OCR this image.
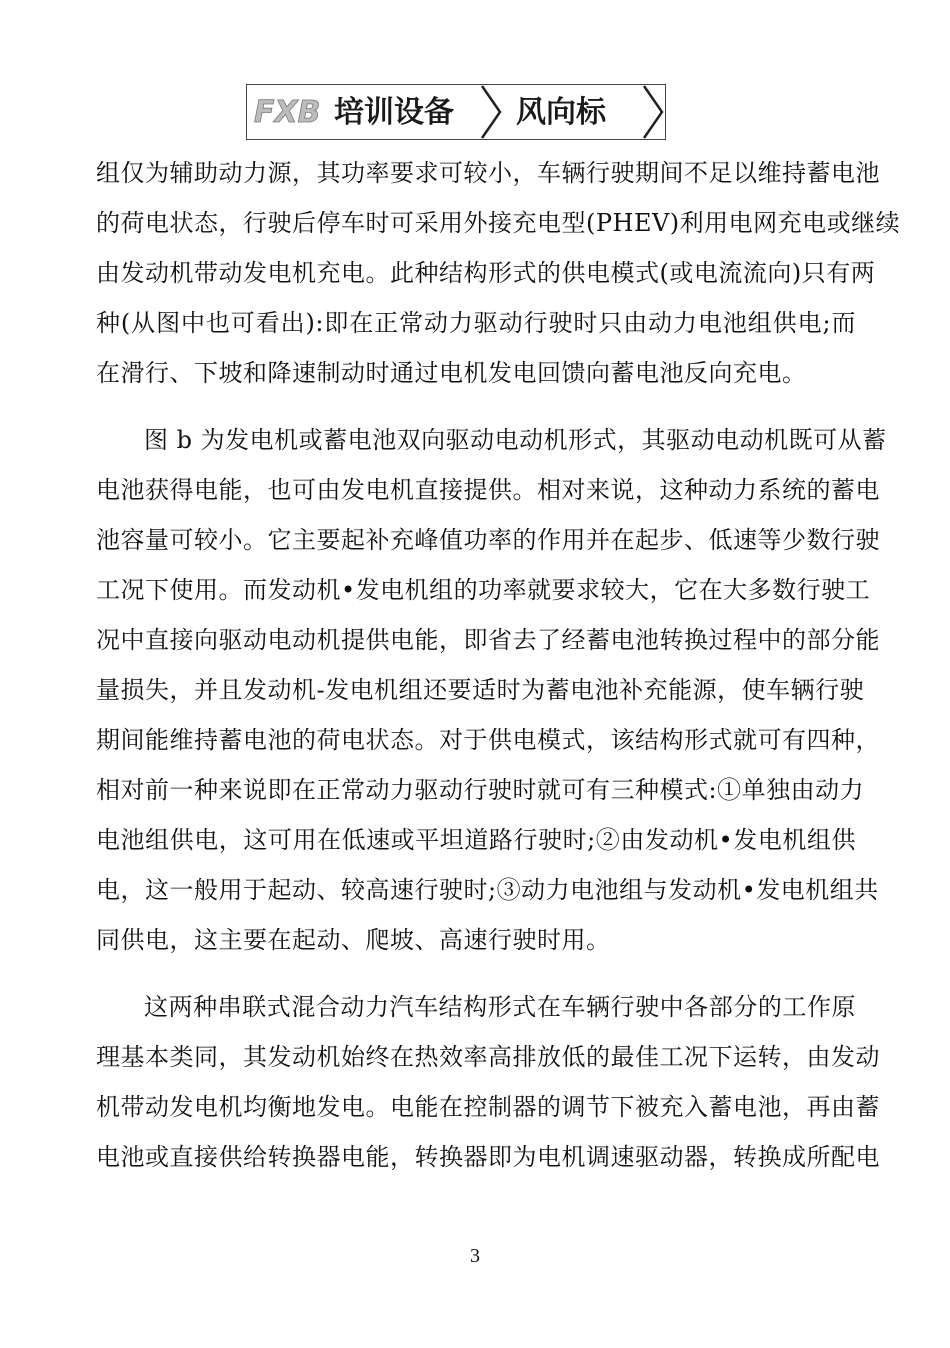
FXB 培训设备 风向标
组仅为辅助动力源，其功率要求可较小，车辆行驶期间不足以维持蓄电池
的荷电状态，行驶后停车时可采用外接充电型(PHEV)利用电网充电或继续
由发动机带动发电机充电。此种结构形式的供电模式(或电流流向)只有两
种(从图中也可看出):即在正常动力驱动行驶时只由动力电池组供电;而
在滑行、下坡和降速制动时通过电机发电回馈向蓄电池反向充电。
图 b 为发电机或蓄电池双向驱动电动机形式，其驱动电动机既可从蓄
电池获得电能，也可由发电机直接提供。相对来说，这种动力系统的蓄电
池容量可较小。它主要起补充峰值功率的作用并在起步、低速等少数行驶
工况下使用。而发动机•发电机组的功率就要求较大，它在大多数行驶工
况中直接向驱动电动机提供电能，即省去了经蓄电池转换过程中的部分能
量损失，并且发动机-发电机组还要适时为蓄电池补充能源，使车辆行驶
期间能维持蓄电池的荷电状态。对于供电模式，该结构形式就可有四种，
相对前一种来说即在正常动力驱动行驶时就可有三种模式:①单独由动力
电池组供电，这可用在低速或平坦道路行驶时;②由发动机•发电机组供
电，这一般用于起动、较高速行驶时;③动力电池组与发动机•发电机组共
同供电，这主要在起动、爬坡、高速行驶时用。
这两种串联式混合动力汽车结构形式在车辆行驶中各部分的工作原
理基本类同，其发动机始终在热效率高排放低的最佳工况下运转，由发动
机带动发电机均衡地发电。电能在控制器的调节下被充入蓄电池，再由蓄
电池或直接供给转换器电能，转换器即为电机调速驱动器，转换成所配电
3
